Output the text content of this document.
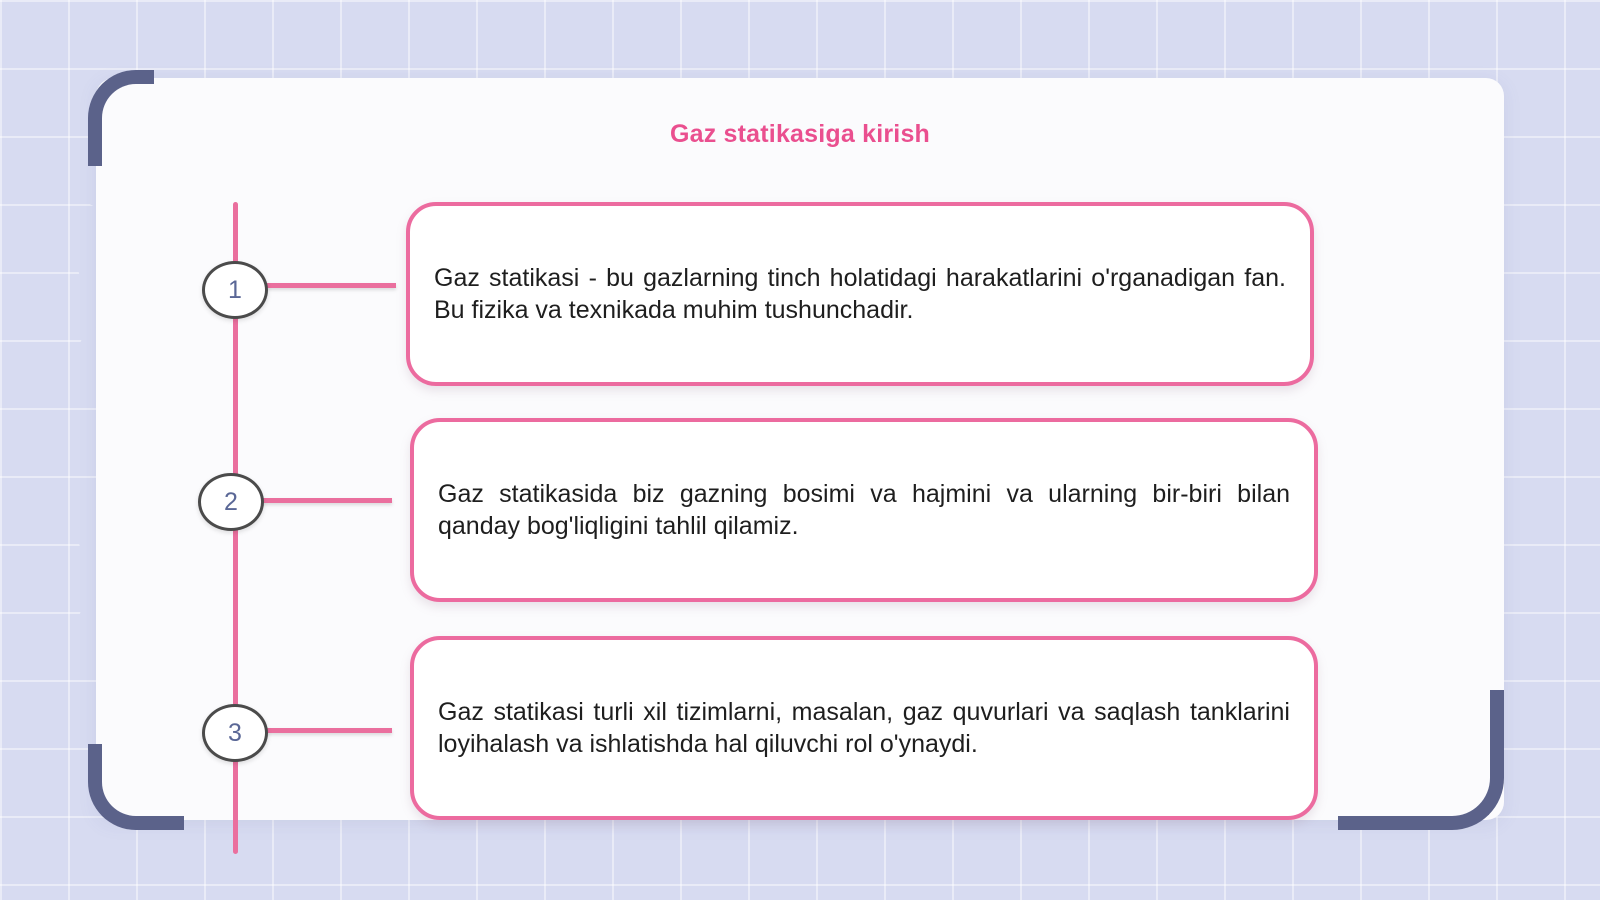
Gaz statikasiga kirish
1
2
3
Gaz statikasi - bu gazlarning tinch holatidagi harakatlarini o'rganadigan fan. Bu fizika va texnikada muhim tushunchadir.
Gaz statikasida biz gazning bosimi va hajmini va ularning bir-biri bilan qanday bog'liqligini tahlil qilamiz.
Gaz statikasi turli xil tizimlarni, masalan, gaz quvurlari va saqlash tanklarini loyihalash va ishlatishda hal qiluvchi rol o'ynaydi.
